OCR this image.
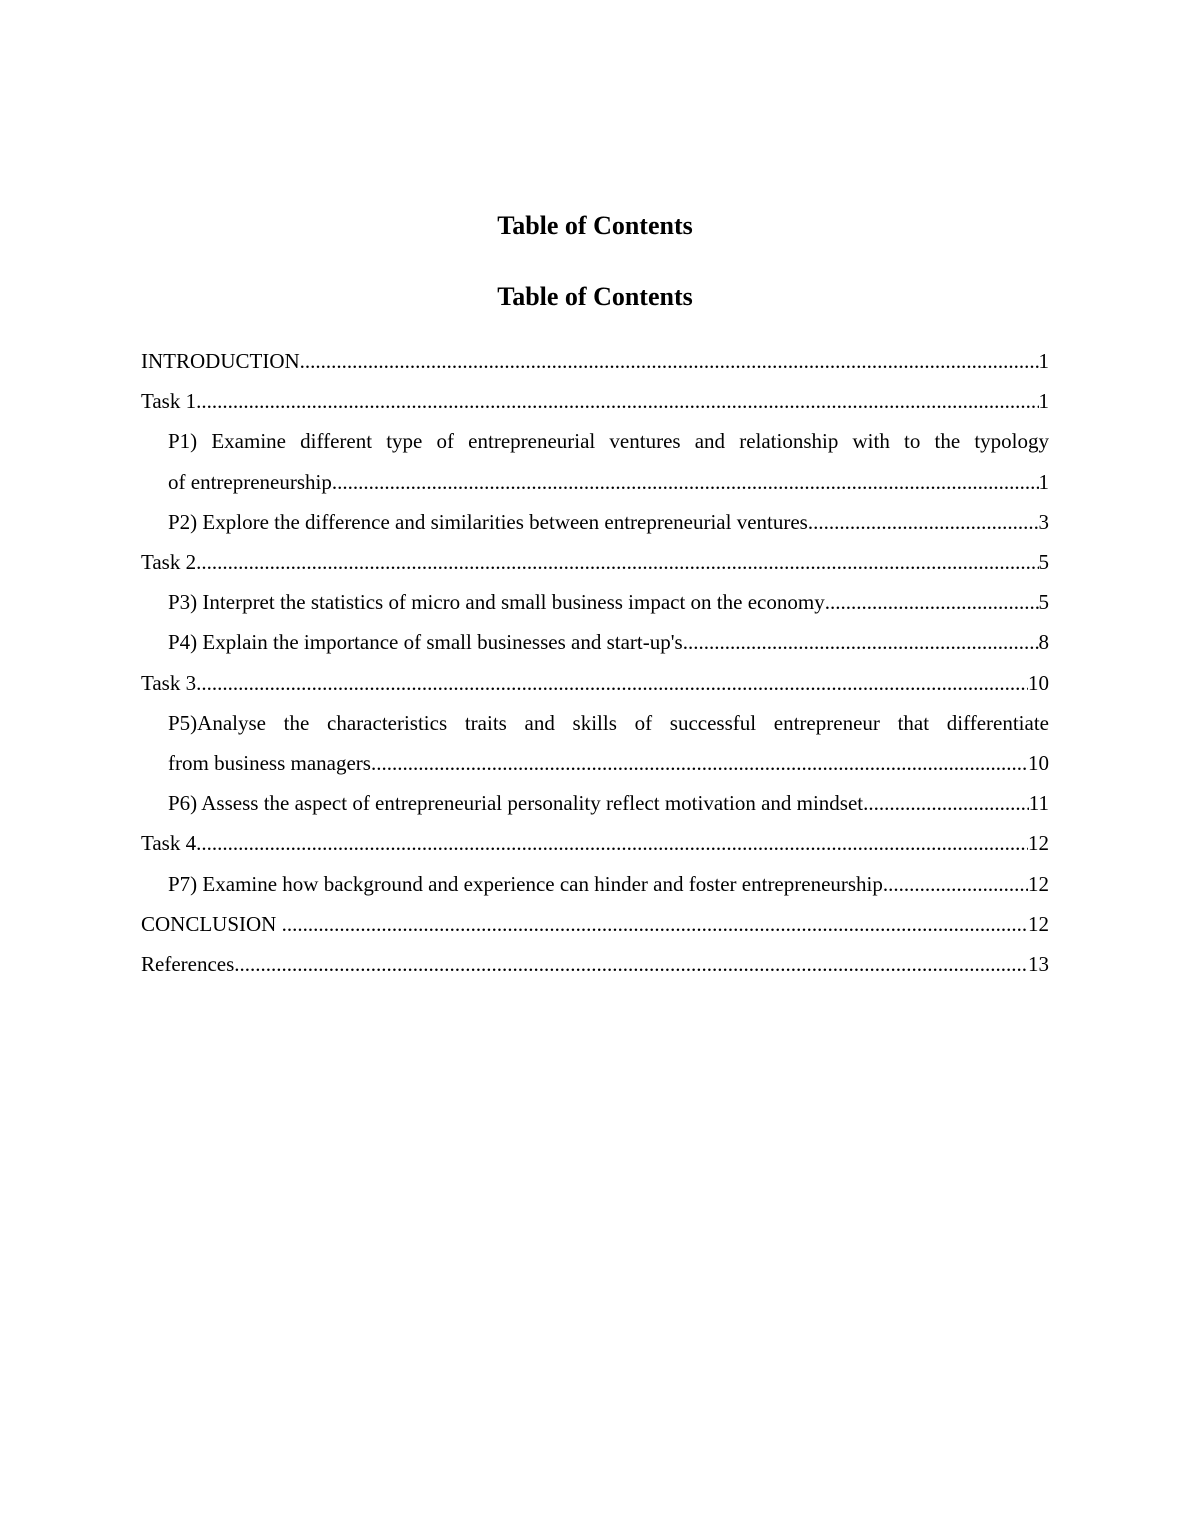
Table of Contents
Table of Contents
INTRODUCTION .....	1
Task 1 .....	1
P1) Examine different type of entrepreneurial ventures and relationship with to the typology
of entrepreneurship .....	1
P2) Explore the difference and similarities between entrepreneurial ventures .....	3
Task 2 .....	5
P3) Interpret the statistics of micro and small business impact on the economy .....	5
P4) Explain the importance of small businesses and start-up's .....	8
Task 3 .....	10
P5)Analyse the characteristics traits and skills of successful entrepreneur that differentiate
from business managers .....	10
P6) Assess the aspect of entrepreneurial personality reflect motivation and mindset .....	11
Task 4 .....	12
P7) Examine how background and experience can hinder and foster entrepreneurship .....	12
CONCLUSION .....	12
References .....	13
